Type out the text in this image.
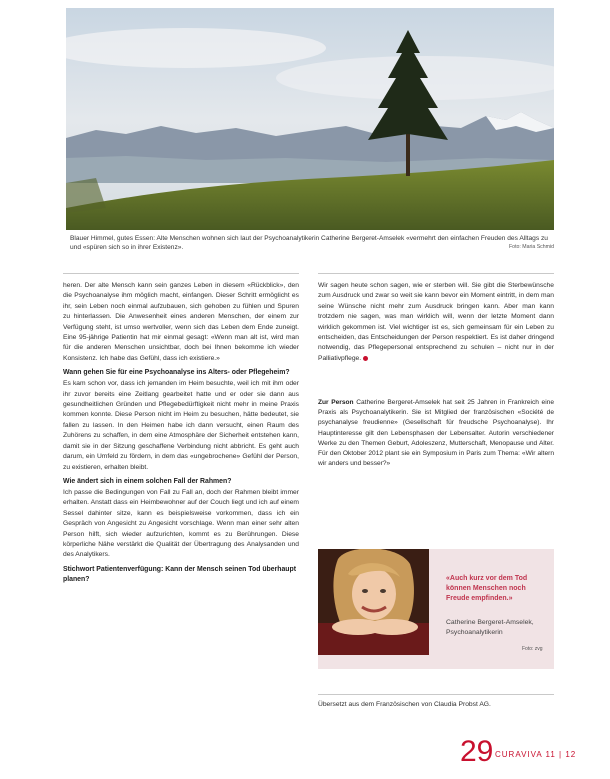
Blauer Himmel, gutes Essen: Alte Menschen wohnen sich laut der Psychoanalytikerin Catherine Bergeret-Amselek «vermehrt den einfachen Freuden des Alltags zu und «spüren sich so in ihrer Existenz».	Foto: Maria Schmid

heren. Der alte Mensch kann sein ganzes Leben in diesem «Rückblick», den die Psychoanalyse ihm möglich macht, einfangen. Dieser Schritt ermöglicht es ihr, sein Leben noch einmal aufzubauen, sich gehoben zu fühlen und Spuren zu hinterlassen. Die Anwesenheit eines anderen Menschen, der einem zur Verfügung steht, ist umso wertvoller, wenn sich das Leben dem Ende zuneigt. Eine 95-jährige Patientin hat mir einmal gesagt: «Wenn man alt ist, wird man für die anderen Menschen unsichtbar, doch bei Ihnen bekomme ich wieder Konsistenz. Ich habe das Gefühl, dass ich existiere.»

Wann gehen Sie für eine Psychoanalyse ins Alters- oder Pflegeheim?

Es kam schon vor, dass ich jemanden im Heim besuchte, weil ich mit ihm oder ihr zuvor bereits eine Zeitlang gearbeitet hatte und er oder sie dann aus gesundheitlichen Gründen und Pflegebedürftigkeit nicht mehr in meine Praxis kommen konnte. Diese Person nicht im Heim zu besuchen, hätte bedeutet, sie fallen zu lassen. In den Heimen habe ich dann versucht, einen Raum des Zuhörens zu schaffen, in dem eine Atmosphäre der Sicherheit entstehen kann, damit sie in der Sitzung geschaffene Verbindung nicht abbricht. Es geht auch darum, ein Umfeld zu fördern, in dem das «ungebrochene» Gefühl der Person, zu existieren, erhalten bleibt.

Wie ändert sich in einem solchen Fall der Rahmen?

Ich passe die Bedingungen von Fall zu Fall an, doch der Rahmen bleibt immer erhalten. Anstatt dass ein Heimbewohner auf der Couch liegt und ich auf einem Sessel dahinter sitze, kann es beispielsweise vorkommen, dass ich ein Gespräch von Angesicht zu Angesicht vorschlage. Wenn man einer sehr alten Person hilft, sich wieder aufzurichten, kommt es zu Berührungen. Diese körperliche Nähe verstärkt die Qualität der Übertragung des Analysanden und des Analytikers.

Stichwort Patientenverfügung: Kann der Mensch seinen Tod überhaupt planen?

Wir sagen heute schon sagen, wie er sterben will. Sie gibt die Sterbewünsche zum Ausdruck und zwar so weit sie kann bevor ein Moment eintritt, in dem man seine Wünsche nicht mehr zum Ausdruck bringen kann. Aber man kann trotzdem nie sagen, was man wirklich will, wenn der letzte Moment dann wirklich gekommen ist. Viel wichtiger ist es, sich gemeinsam für ein Leben zu entscheiden, das Entscheidungen der Person respektiert. Es ist daher dringend notwendig, das Pflegepersonal entsprechend zu schulen – nicht nur in der Palliativpflege.

Zur Person Catherine Bergeret-Amselek hat seit 25 Jahren in Frankreich eine Praxis als Psychoanalytikerin. Sie ist Mitglied der französischen «Société de psychanalyse freudienne» (Gesellschaft für freudsche Psychoanalyse). Ihr Hauptinteresse gilt den Lebensphasen der Lebensalter. Autorin verschiedener Werke zu den Themen Geburt, Adoleszenz, Mutterschaft, Menopause und Alter. Für den Oktober 2012 plant sie ein Symposium in Paris zum Thema: «Wir altern wir anders und besser?»
«Auch kurz vor dem Tod können Menschen noch Freude empfinden.»
Catherine Bergeret-Amselek,
Psychoanalytikerin
Foto: zvg
Übersetzt aus dem Französischen von Claudia Probst AG.
29 CURAVIVA 11 | 12
